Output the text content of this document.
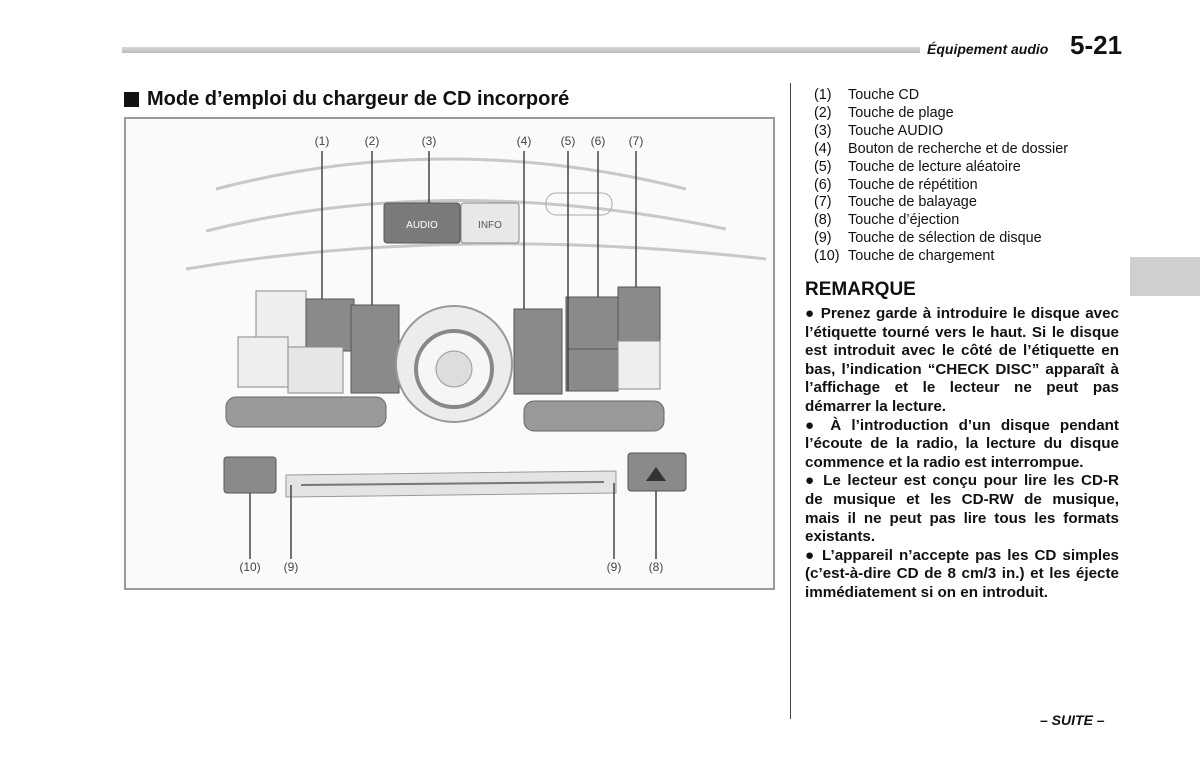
Équipement audio 5-21
Mode d’emploi du chargeur de CD incorporé
AUDIO	INFO
(1)	(2)	(3)	(4) (5) (6) (7)
(10) (9)	(9) (8)
(1)	Touche CD
(2)	Touche de plage
(3)	Touche AUDIO
(4)	Bouton de recherche et de dossier
(5)	Touche de lecture aléatoire
(6)	Touche de répétition
(7)	Touche de balayage
(8)	Touche d’éjection
(9)	Touche de sélection de disque
(10) Touche de chargement
REMARQUE

● Prenez garde à introduire le disque avec l’étiquette tourné vers le haut. Si le disque est introduit avec le côté de l’étiquette en bas, l’indication “CHECK DISC” apparaît à l’affichage et le lecteur ne peut pas démarrer la lecture.

● À l’introduction d’un disque pendant l’écoute de la radio, la lecture du disque commence et la radio est interrompue.

● Le lecteur est conçu pour lire les CD-R de musique et les CD-RW de musique, mais il ne peut pas lire tous les formats existants.

● L’appareil n’accepte pas les CD simples (c’est-à-dire CD de 8 cm/3 in.) et les éjecte immédiatement si on en introduit.

– SUITE –
